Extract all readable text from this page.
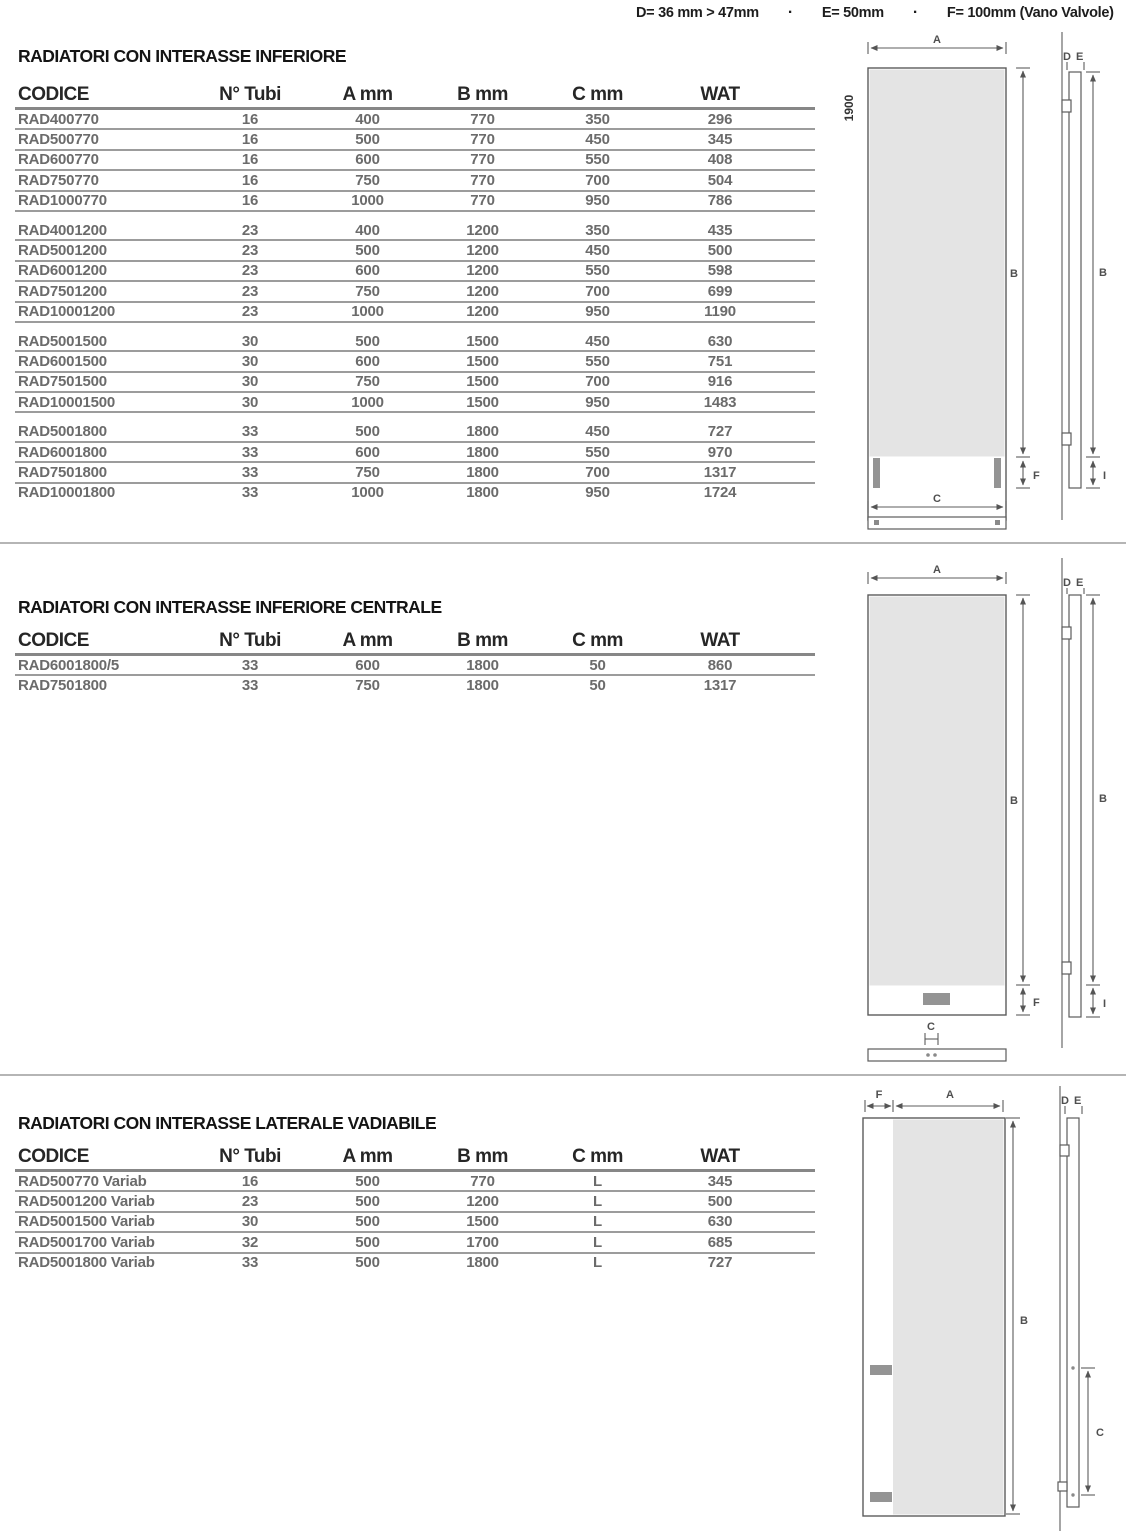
D= 36 mm > 47mm · E= 50mm · F= 100mm (Vano Valvole)
RADIATORI CON INTERASSE INFERIORE
CODICE	N° Tubi	A mm	B mm	C mm	WAT
RAD400770	16	400	770	350	296
RAD500770	16	500	770	450	345
RAD600770	16	600	770	550	408
RAD750770	16	750	770	700	504
RAD1000770	16	1000	770	950	786
RAD4001200	23	400	1200	350	435
RAD5001200	23	500	1200	450	500
RAD6001200	23	600	1200	550	598
RAD7501200	23	750	1200	700	699
RAD10001200	23	1000	1200	950	1190
RAD5001500	30	500	1500	450	630
RAD6001500	30	600	1500	550	751
RAD7501500	30	750	1500	700	916
RAD10001500	30	1000	1500	950	1483
RAD5001800	33	500	1800	450	727
RAD6001800	33	600	1800	550	970
RAD7501800	33	750	1800	700	1317
RAD10001800	33	1000	1800	950	1724
RADIATORI CON INTERASSE INFERIORE CENTRALE
CODICE	N° Tubi	A mm	B mm	C mm	WAT
RAD6001800/5	33	600	1800	50	860
RAD7501800	33	750	1800	50	1317
RADIATORI CON INTERASSE LATERALE VADIABILE
CODICE	N° Tubi	A mm	B mm	C mm	WAT
RAD500770 Variab	16	500	770	L	345
RAD5001200 Variab	23	500	1200	L	500
RAD5001500 Variab	30	500	1500	L	630
RAD5001700 Variab	32	500	1700	L	685
RAD5001800 Variab	33	500	1800	L	727
A
1900
B
F
C
D E
B
I
A
B
F
C
D E
B
I
F	A
B
D E
C
